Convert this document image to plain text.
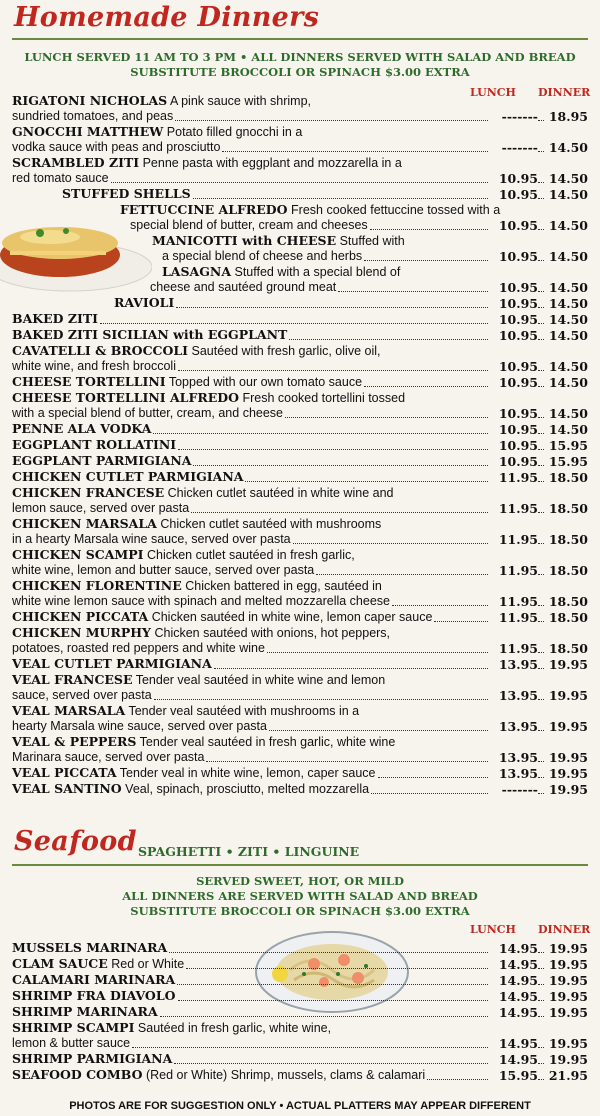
Homemade Dinners
LUNCH SERVED 11 AM TO 3 PM • ALL DINNERS SERVED WITH SALAD AND BREAD
SUBSTITUTE BROCCOLI OR SPINACH $3.00 EXTRA
LUNCH DINNER
RIGATONI NICHOLAS A pink sauce with shrimp,
sundried tomatoes, and peas	------- 18.95
GNOCCHI MATTHEW Potato filled gnocchi in a
vodka sauce with peas and prosciutto	------- 14.50
SCRAMBLED ZITI Penne pasta with eggplant and mozzarella in a
red tomato sauce	10.95 14.50
STUFFED SHELLS	10.95 14.50
FETTUCCINE ALFREDO Fresh cooked fettuccine tossed with a
special blend of butter, cream and cheeses	10.95 14.50
MANICOTTI with CHEESE Stuffed with
a special blend of cheese and herbs	10.95 14.50
LASAGNA Stuffed with a special blend of
cheese and sautéed ground meat	10.95 14.50
RAVIOLI	10.95 14.50
BAKED ZITI	10.95 14.50
BAKED ZITI SICILIAN with EGGPLANT	10.95 14.50
CAVATELLI & BROCCOLI Sautéed with fresh garlic, olive oil,
white wine, and fresh broccoli	10.95 14.50
CHEESE TORTELLINI Topped with our own tomato sauce	10.95 14.50
CHEESE TORTELLINI ALFREDO Fresh cooked tortellini tossed
with a special blend of butter, cream, and cheese	10.95 14.50
PENNE ALA VODKA	10.95 14.50
EGGPLANT ROLLATINI	10.95 15.95
EGGPLANT PARMIGIANA	10.95 15.95
CHICKEN CUTLET PARMIGIANA	11.95 18.50
CHICKEN FRANCESE Chicken cutlet sautéed in white wine and
lemon sauce, served over pasta	11.95 18.50
CHICKEN MARSALA Chicken cutlet sautéed with mushrooms
in a hearty Marsala wine sauce, served over pasta	11.95 18.50
CHICKEN SCAMPI Chicken cutlet sautéed in fresh garlic,
white wine, lemon and butter sauce, served over pasta	11.95 18.50
CHICKEN FLORENTINE Chicken battered in egg, sautéed in
white wine lemon sauce with spinach and melted mozzarella cheese	11.95 18.50
CHICKEN PICCATA Chicken sautéed in white wine, lemon caper sauce	11.95 18.50
CHICKEN MURPHY Chicken sautéed with onions, hot peppers,
potatoes, roasted red peppers and white wine	11.95 18.50
VEAL CUTLET PARMIGIANA	13.95 19.95
VEAL FRANCESE Tender veal sautéed in white wine and lemon
sauce, served over pasta	13.95 19.95
VEAL MARSALA Tender veal sautéed with mushrooms in a
hearty Marsala wine sauce, served over pasta	13.95 19.95
VEAL & PEPPERS Tender veal sautéed in fresh garlic, white wine
Marinara sauce, served over pasta	13.95 19.95
VEAL PICCATA Tender veal in white wine, lemon, caper sauce	13.95 19.95
VEAL SANTINO Veal, spinach, prosciutto, melted mozzarella	------- 19.95
Seafood SPAGHETTI • ZITI • LINGUINE
SERVED SWEET, HOT, OR MILD
ALL DINNERS ARE SERVED WITH SALAD AND BREAD
SUBSTITUTE BROCCOLI OR SPINACH $3.00 EXTRA
LUNCH DINNER
MUSSELS MARINARA	14.95 19.95
CLAM SAUCE Red or White	14.95 19.95
CALAMARI MARINARA	14.95 19.95
SHRIMP FRA DIAVOLO	14.95 19.95
SHRIMP MARINARA	14.95 19.95
SHRIMP SCAMPI Sautéed in fresh garlic, white wine,
lemon & butter sauce	14.95 19.95
SHRIMP PARMIGIANA	14.95 19.95
SEAFOOD COMBO (Red or White) Shrimp, mussels, clams & calamari	15.95 21.95
PHOTOS ARE FOR SUGGESTION ONLY • ACTUAL PLATTERS MAY APPEAR DIFFERENT
